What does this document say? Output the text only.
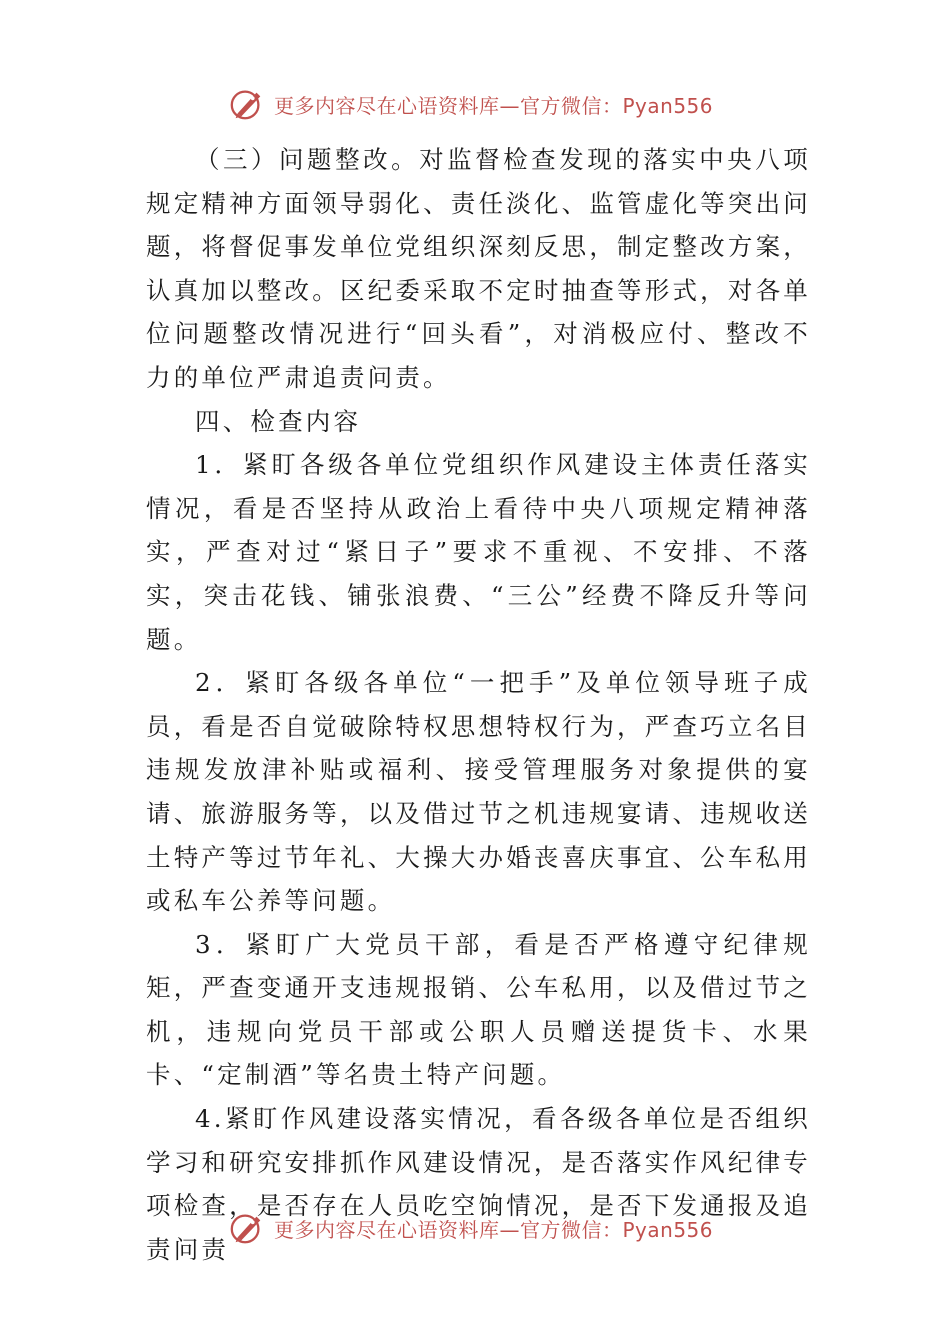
更多内容尽在心语资料库—官方微信：Pyan556

（三）问题整改。对监督检查发现的落实中央八项规定精神方面领导弱化、责任淡化、监管虚化等突出问题，将督促事发单位党组织深刻反思，制定整改方案，认真加以整改。区纪委采取不定时抽查等形式，对各单位问题整改情况进行“回头看”，对消极应付、整改不力的单位严肃追责问责。

四、检查内容

1．紧盯各级各单位党组织作风建设主体责任落实情况，看是否坚持从政治上看待中央八项规定精神落实，严查对过“紧日子”要求不重视、不安排、不落实，突击花钱、铺张浪费、“三公”经费不降反升等问题。

2．紧盯各级各单位“一把手”及单位领导班子成员，看是否自觉破除特权思想特权行为，严查巧立名目违规发放津补贴或福利、接受管理服务对象提供的宴请、旅游服务等，以及借过节之机违规宴请、违规收送土特产等过节年礼、大操大办婚丧喜庆事宜、公车私用或私车公养等问题。

3．紧盯广大党员干部，看是否严格遵守纪律规矩，严查变通开支违规报销、公车私用，以及借过节之机，违规向党员干部或公职人员赠送提货卡、水果卡、“定制酒”等名贵土特产问题。

4.紧盯作风建设落实情况，看各级各单位是否组织学习和研究安排抓作风建设情况，是否落实作风纪律专项检查，是否存在人员吃空饷情况，是否下发通报及追责问责

更多内容尽在心语资料库—官方微信：Pyan556
